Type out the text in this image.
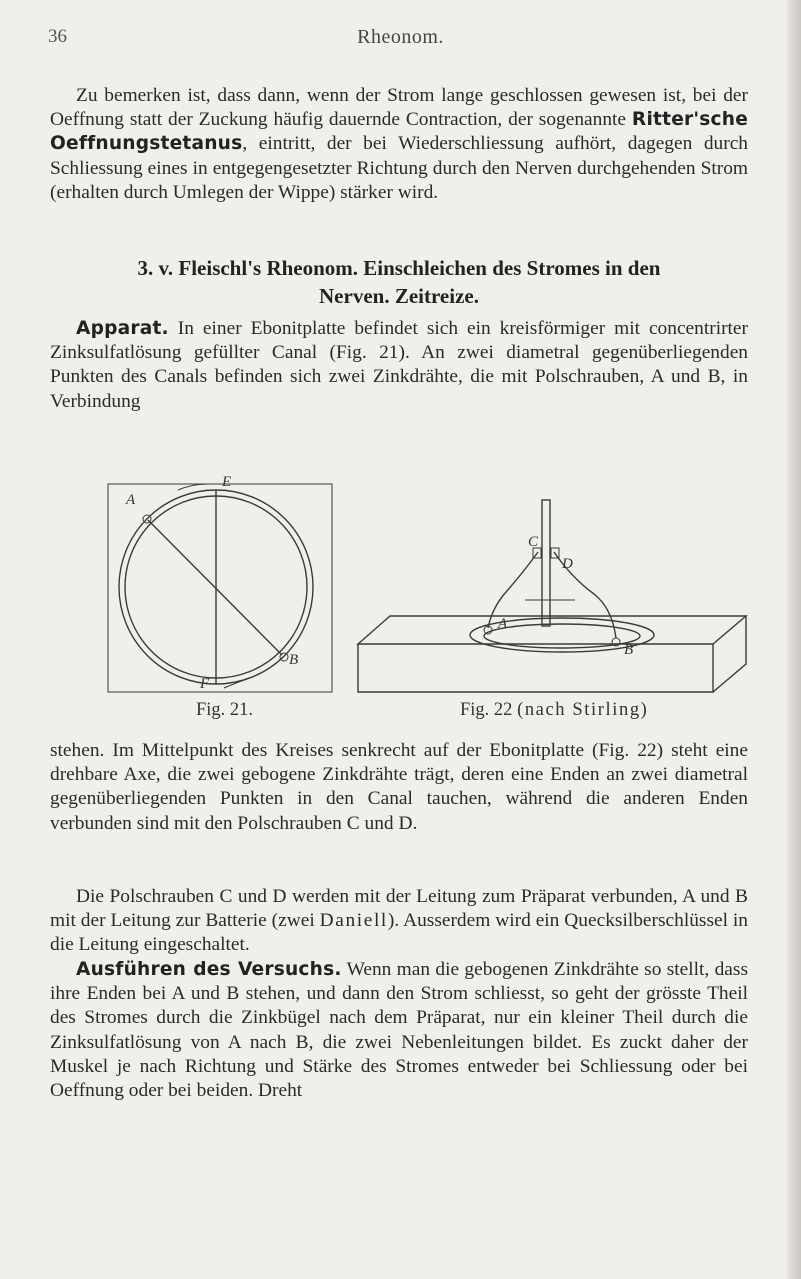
36	Rheonom.

Zu bemerken ist, dass dann, wenn der Strom lange geschlossen gewesen ist, bei der Oeffnung statt der Zuckung häufig dauernde Contraction, der sogenannte Ritter'sche Oeffnungstetanus, eintritt, der bei Wiederschliessung aufhört, dagegen durch Schliessung eines in entgegengesetzter Richtung durch den Nerven durchgehenden Strom (erhalten durch Umlegen der Wippe) stärker wird.

3. v. Fleischl's Rheonom. Einschleichen des Stromes in den
Nerven. Zeitreize.

Apparat. In einer Ebonitplatte befindet sich ein kreisförmiger mit concentrirter Zinksulfatlösung gefüllter Canal (Fig. 21). An zwei diametral gegenüberliegenden Punkten des Canals befinden sich zwei Zinkdrähte, die mit Polschrauben, A und B, in Verbindung

A
B
E
F
C
D
A
B
Fig. 21.	Fig. 22 (nach Stirling)

stehen. Im Mittelpunkt des Kreises senkrecht auf der Ebonitplatte (Fig. 22) steht eine drehbare Axe, die zwei gebogene Zinkdrähte trägt, deren eine Enden an zwei diametral gegenüberliegenden Punkten in den Canal tauchen, während die anderen Enden verbunden sind mit den Polschrauben C und D.

Die Polschrauben C und D werden mit der Leitung zum Präparat verbunden, A und B mit der Leitung zur Batterie (zwei Daniell). Ausserdem wird ein Quecksilberschlüssel in die Leitung eingeschaltet.

Ausführen des Versuchs. Wenn man die gebogenen Zinkdrähte so stellt, dass ihre Enden bei A und B stehen, und dann den Strom schliesst, so geht der grösste Theil des Stromes durch die Zinkbügel nach dem Präparat, nur ein kleiner Theil durch die Zinksulfatlösung von A nach B, die zwei Nebenleitungen bildet. Es zuckt daher der Muskel je nach Richtung und Stärke des Stromes entweder bei Schliessung oder bei Oeffnung oder bei beiden. Dreht
